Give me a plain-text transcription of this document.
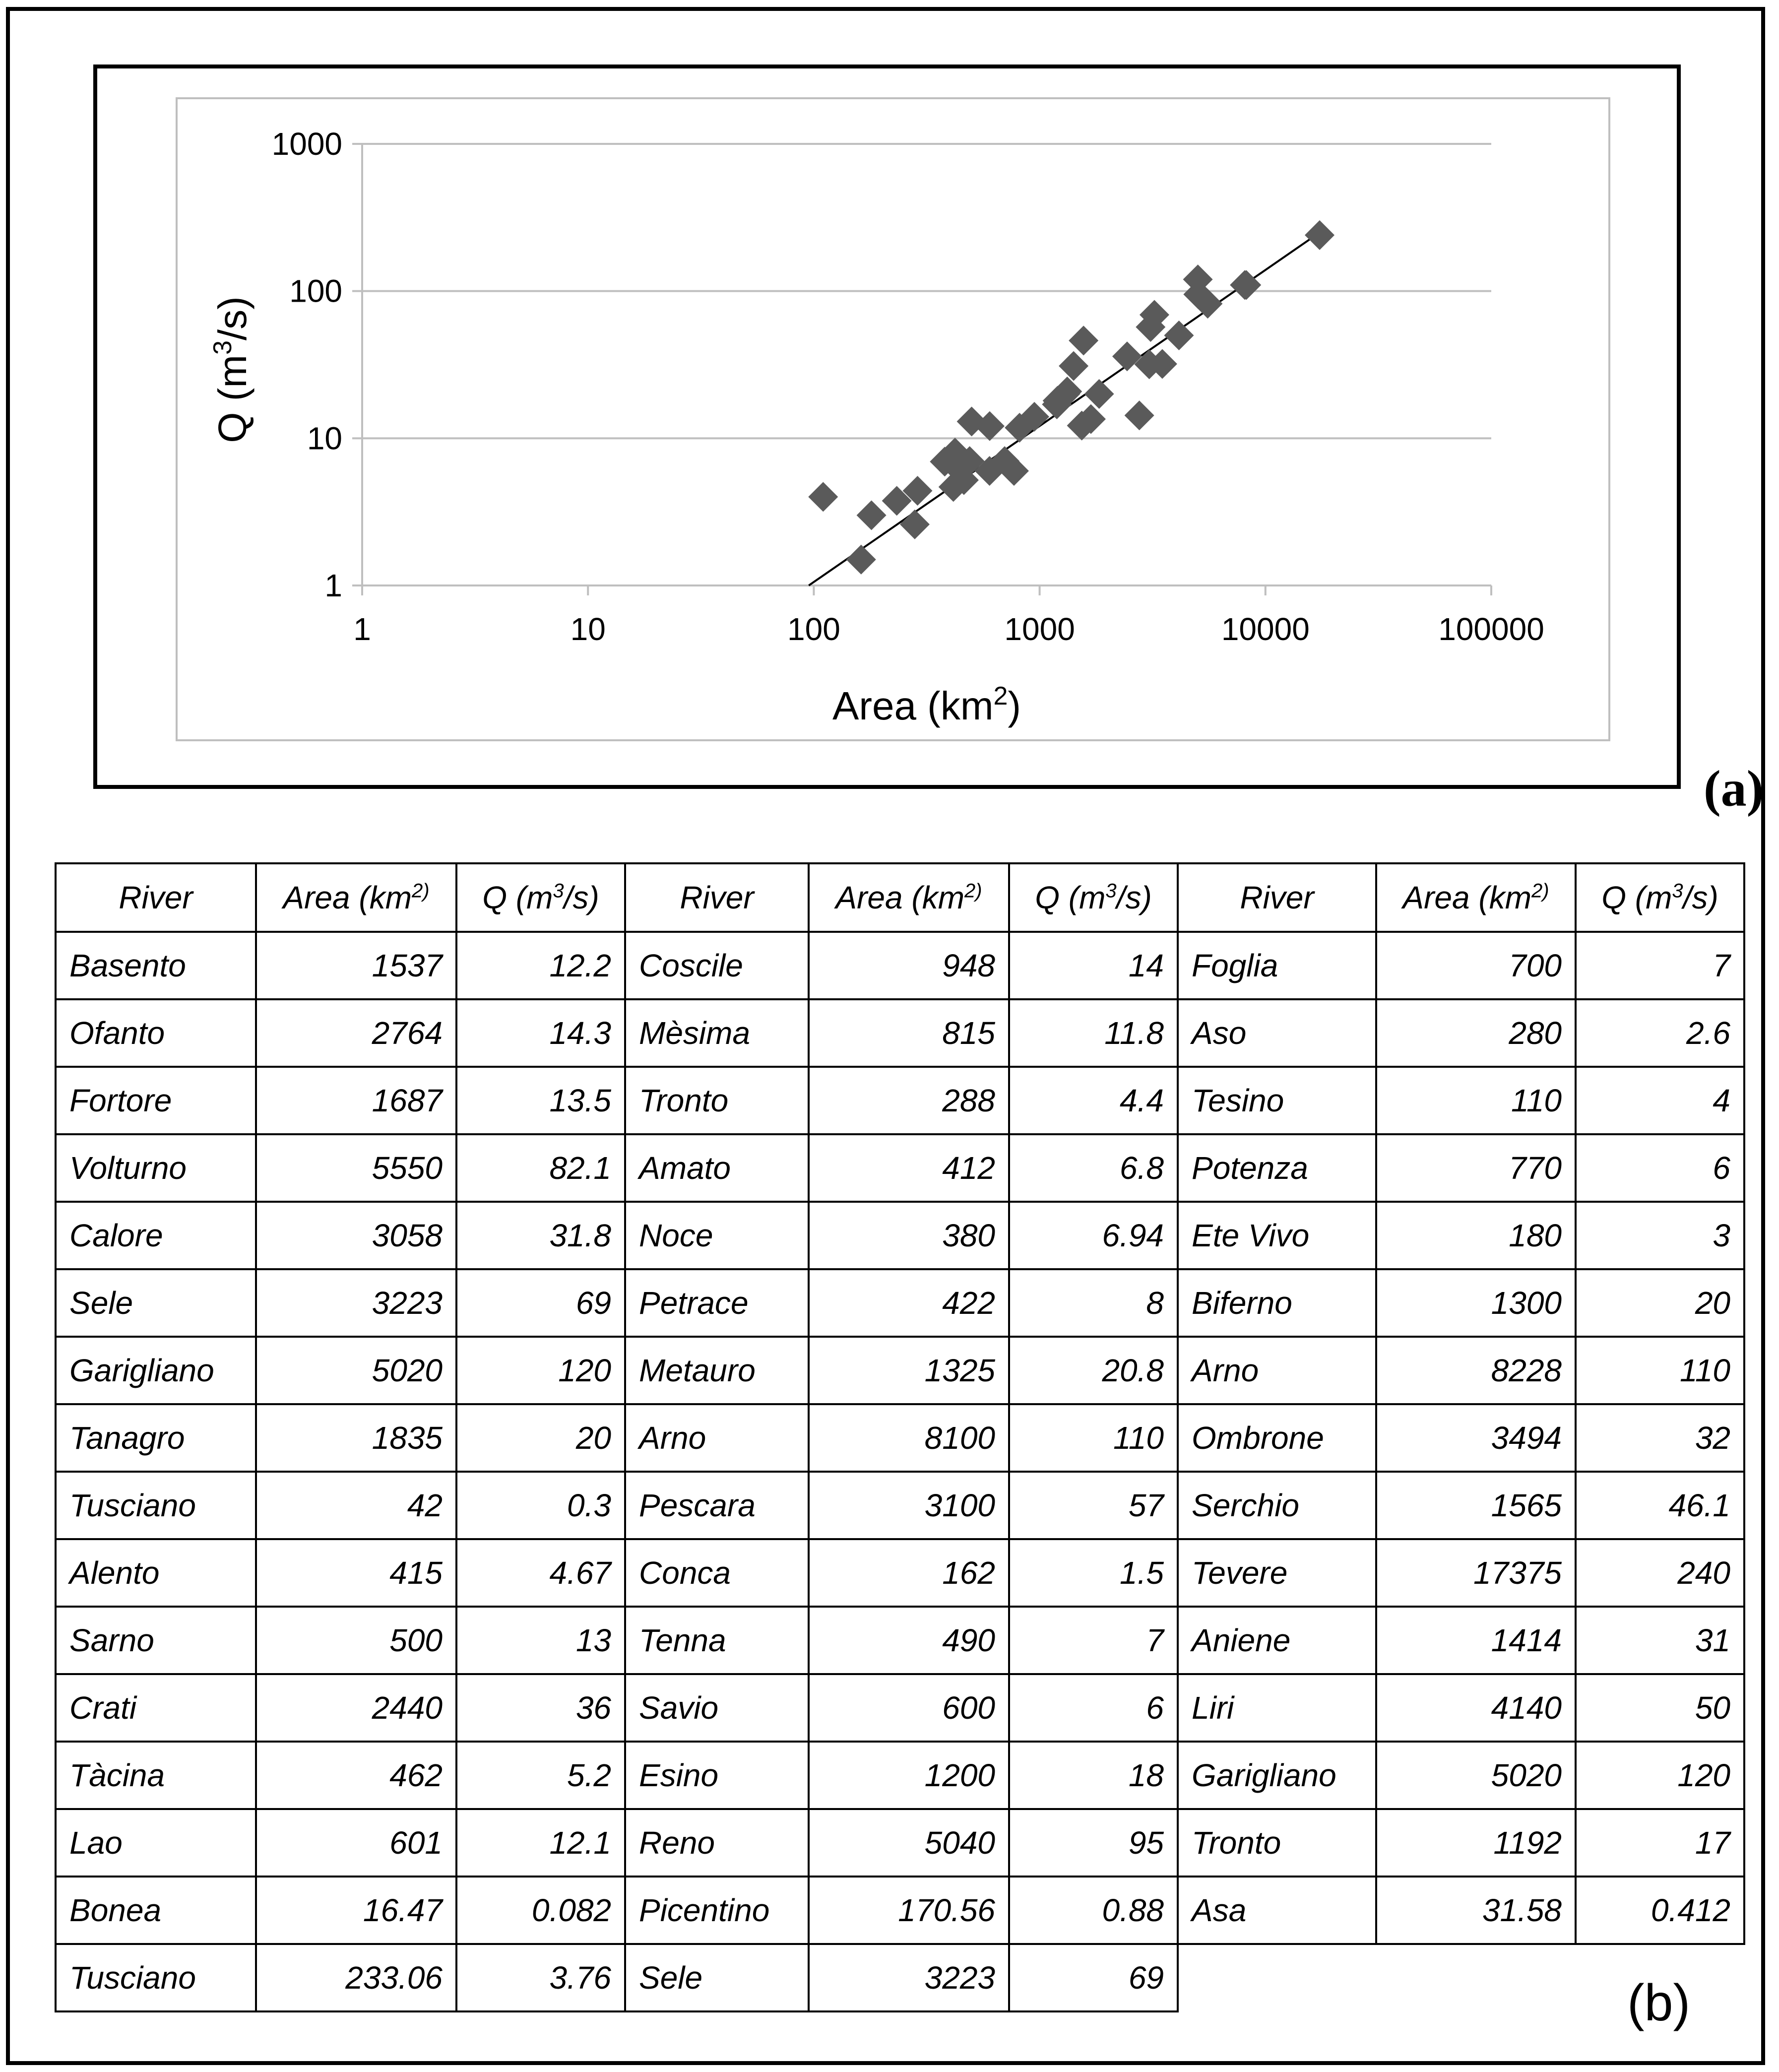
1
10
100
1000
1	10	100	1000	10000	100000
Area $(km^2)$
Q $(m^3/s)$
(a)
River	Area ($km^{2)}$	Q $(m^3/s)$	River	Area ($km^{2)}$	Q $(m^3/s)$	River	Area ($km^{2)}$	Q $(m^3/s)$
Basento	1537	12.2	Coscile	948	14	Foglia	700	7
Ofanto	2764	14.3	Mèsima	815	11.8	Aso	280	2.6
Fortore	1687	13.5	Tronto	288	4.4	Tesino	110	4
Volturno	5550	82.1	Amato	412	6.8	Potenza	770	6
Calore	3058	31.8	Noce	380	6.94	Ete Vivo	180	3
Sele	3223	69	Petrace	422	8	Biferno	1300	20
Garigliano	5020	120	Metauro	1325	20.8	Arno	8228	110
Tanagro	1835	20	Arno	8100	110	Ombrone	3494	32
Tusciano	42	0.3	Pescara	3100	57	Serchio	1565	46.1
Alento	415	4.67	Conca	162	1.5	Tevere	17375	240
Sarno	500	13	Tenna	490	7	Aniene	1414	31
Crati	2440	36	Savio	600	6	Liri	4140	50
Tàcina	462	5.2	Esino	1200	18	Garigliano	5020	120
Lao	601	12.1	Reno	5040	95	Tronto	1192	17
Bonea	16.47	0.082	Picentino	170.56	0.88	Asa	31.58	0.412
Tusciano	233.06	3.76	Sele	3223	69				(b)
